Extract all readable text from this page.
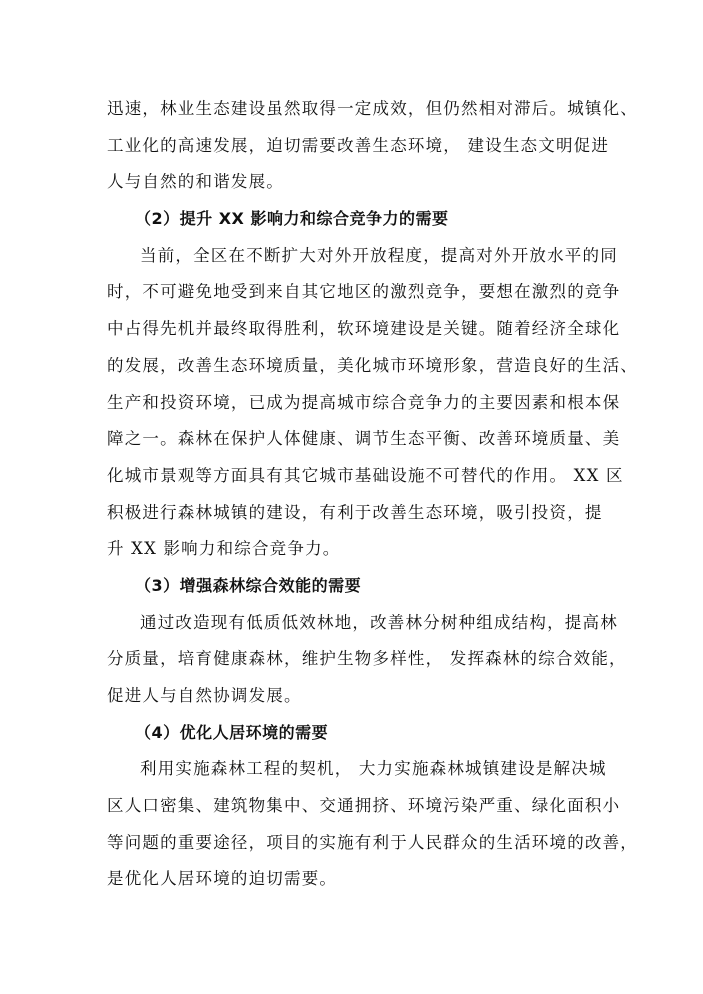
迅速，林业生态建设虽然取得一定成效，但仍然相对滞后。城镇化、
工业化的高速发展，迫切需要改善生态环境， 建设生态文明促进
人与自然的和谐发展。
（2）提升 XX 影响力和综合竞争力的需要
当前，全区在不断扩大对外开放程度，提高对外开放水平的同
时，不可避免地受到来自其它地区的激烈竞争，要想在激烈的竞争
中占得先机并最终取得胜利，软环境建设是关键。随着经济全球化
的发展，改善生态环境质量，美化城市环境形象，营造良好的生活、
生产和投资环境，已成为提高城市综合竞争力的主要因素和根本保
障之一。森林在保护人体健康、调节生态平衡、改善环境质量、美
化城市景观等方面具有其它城市基础设施不可替代的作用。 XX 区
积极进行森林城镇的建设，有利于改善生态环境，吸引投资，提
升 XX 影响力和综合竞争力。
（3）增强森林综合效能的需要
通过改造现有低质低效林地，改善林分树种组成结构，提高林
分质量，培育健康森林，维护生物多样性， 发挥森林的综合效能，
促进人与自然协调发展。
（4）优化人居环境的需要
利用实施森林工程的契机， 大力实施森林城镇建设是解决城
区人口密集、建筑物集中、交通拥挤、环境污染严重、绿化面积小
等问题的重要途径，项目的实施有利于人民群众的生活环境的改善，
是优化人居环境的迫切需要。
